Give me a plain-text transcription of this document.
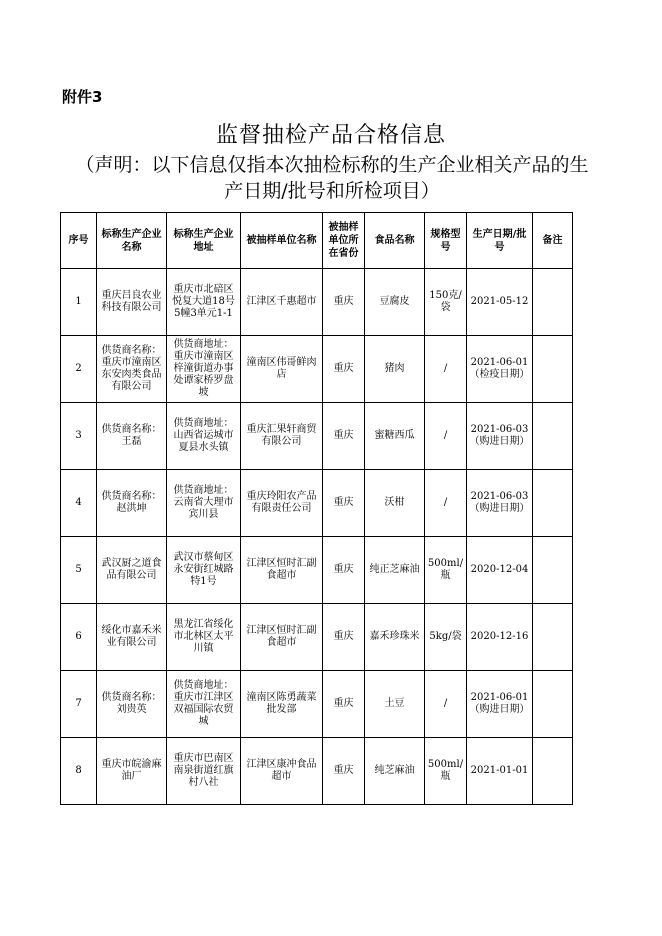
附件3
监督抽检产品合格信息
（声明：以下信息仅指本次抽检标称的生产企业相关产品的生产日期/批号和所检项目）
序号	标称生产企业名称	标称生产企业地址	被抽样单位名称	被抽样单位所在省份	食品名称	规格型号	生产日期/批号	备注
1	重庆吕良农业科技有限公司	重庆市北碚区悦复大道18号5幢3单元1-1	江津区千惠超市	重庆	豆腐皮	150克/袋	2021-05-12	
2	供货商名称：重庆市潼南区东安肉类食品有限公司	供货商地址：重庆市潼南区梓潼街道办事处谭家桥罗盘坡	潼南区伟哥鲜肉店	重庆	猪肉	/	2021-06-01（检疫日期）	
3	供货商名称：王磊	供货商地址：山西省运城市夏县水头镇	重庆汇果轩商贸有限公司	重庆	蜜糖西瓜	/	2021-06-03（购进日期）	
4	供货商名称：赵洪坤	供货商地址：云南省大理市宾川县	重庆玲阳农产品有限责任公司	重庆	沃柑	/	2021-06-03（购进日期）	
5	武汉厨之道食品有限公司	武汉市蔡甸区永安街红城路特1号	江津区恒时汇副食超市	重庆	纯正芝麻油	500ml/瓶	2020-12-04	
6	绥化市嘉禾米业有限公司	黑龙江省绥化市北林区太平川镇	江津区恒时汇副食超市	重庆	嘉禾珍珠米	5kg/袋	2020-12-16	
7	供货商名称：刘贵英	供货商地址：重庆市江津区双福国际农贸城	潼南区陈勇蔬菜批发部	重庆	土豆	/	2021-06-01（购进日期）	
8	重庆市皖渝麻油厂	重庆市巴南区南泉街道红旗村八社	江津区康冲食品超市	重庆	纯芝麻油	500ml/瓶	2021-01-01	
